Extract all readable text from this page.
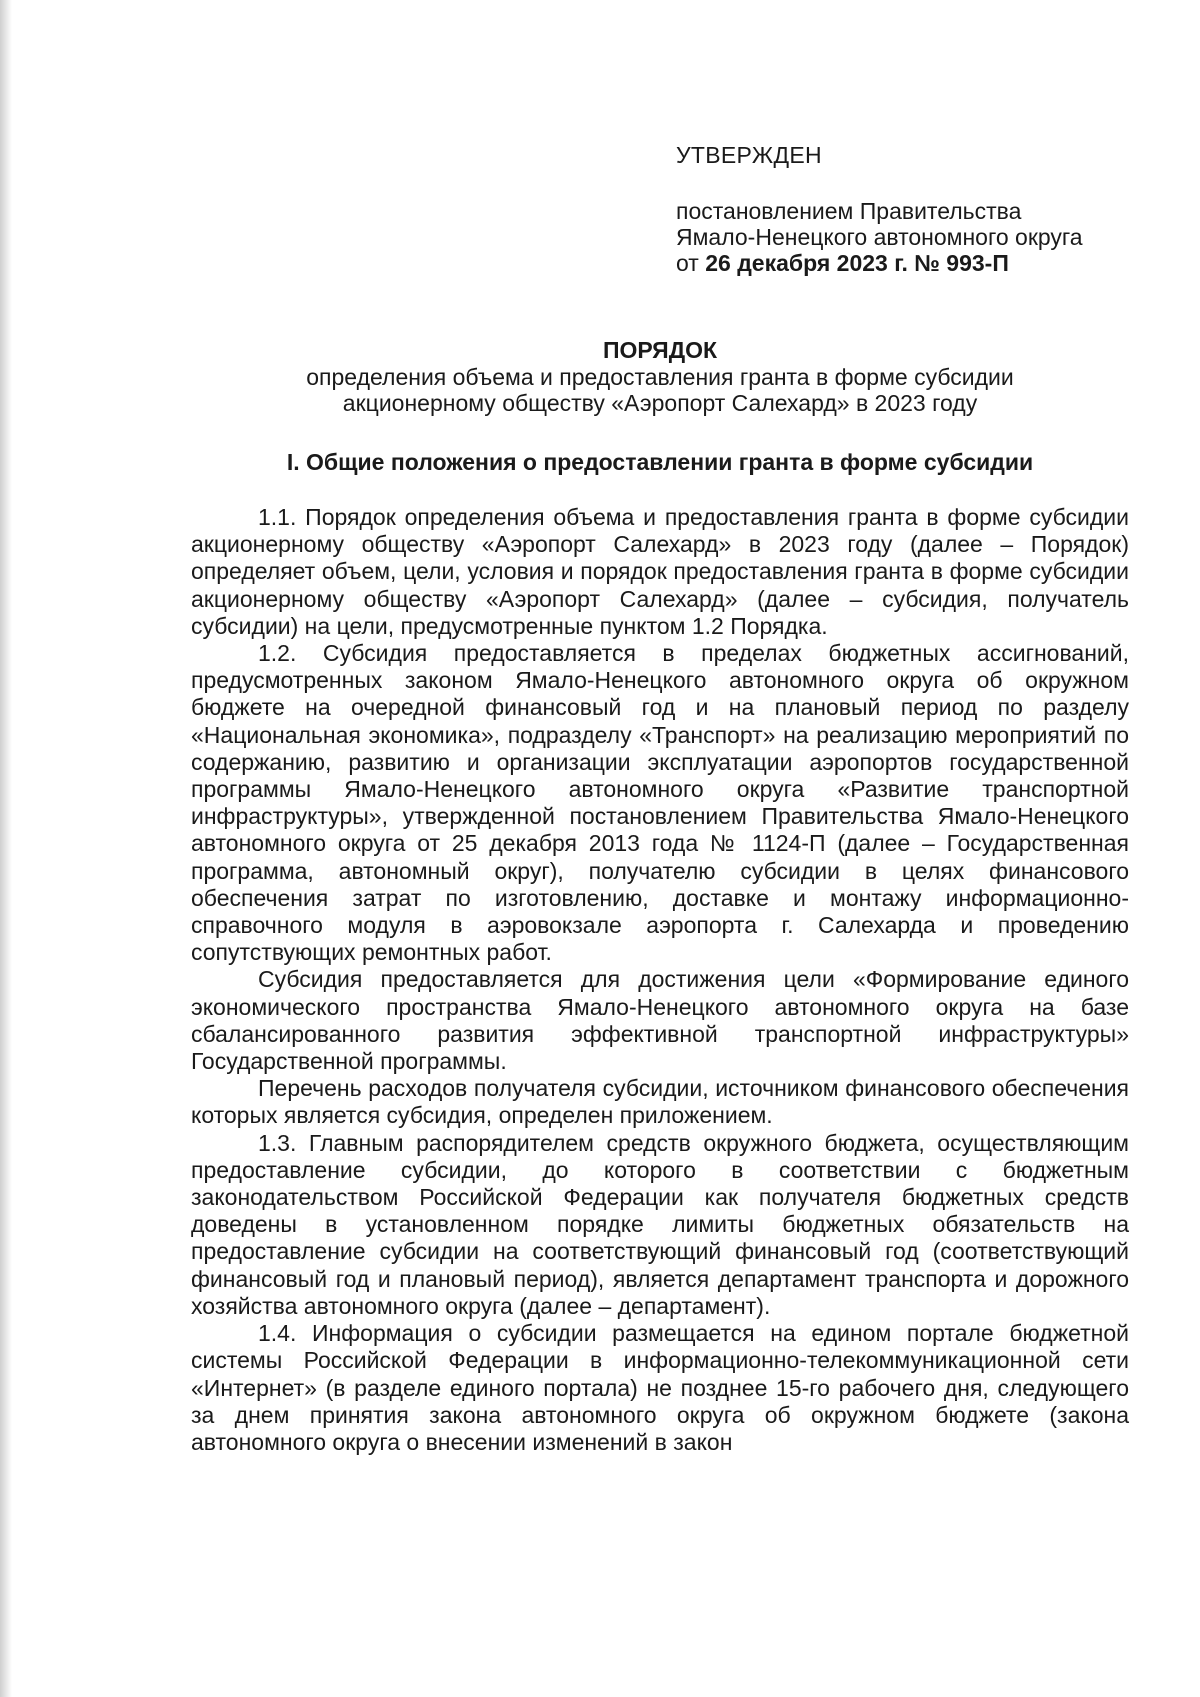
УТВЕРЖДЕН
постановлением Правительства
Ямало-Ненецкого автономного округа
от 26 декабря 2023 г. № 993-П
ПОРЯДОК
определения объема и предоставления гранта в форме субсидии
акционерному обществу «Аэропорт Салехард» в 2023 году
I. Общие положения о предоставлении гранта в форме субсидии

1.1. Порядок определения объема и предоставления гранта в форме субсидии акционерному обществу «Аэропорт Салехард» в 2023 году (далее – Порядок) определяет объем, цели, условия и порядок предоставления гранта в форме субсидии акционерному обществу «Аэропорт Салехард» (далее – субсидия, получатель субсидии) на цели, предусмотренные пунктом 1.2 Порядка.

1.2. Субсидия предоставляется в пределах бюджетных ассигнований, предусмотренных законом Ямало-Ненецкого автономного округа об окружном бюджете на очередной финансовый год и на плановый период по разделу «Национальная экономика», подразделу «Транспорт» на реализацию мероприятий по содержанию, развитию и организации эксплуатации аэропортов государственной программы Ямало-Ненецкого автономного округа «Развитие транспортной инфраструктуры», утвержденной постановлением Правительства Ямало-Ненецкого автономного округа от 25 декабря 2013 года № 1124-П (далее – Государственная программа, автономный округ), получателю субсидии в целях финансового обеспечения затрат по изготовлению, доставке и монтажу информационно-справочного модуля в аэровокзале аэропорта г. Салехарда и проведению сопутствующих ремонтных работ.

Субсидия предоставляется для достижения цели «Формирование единого экономического пространства Ямало-Ненецкого автономного округа на базе сбалансированного развития эффективной транспортной инфраструктуры» Государственной программы.

Перечень расходов получателя субсидии, источником финансового обеспечения которых является субсидия, определен приложением.

1.3. Главным распорядителем средств окружного бюджета, осуществляющим предоставление субсидии, до которого в соответствии с бюджетным законодательством Российской Федерации как получателя бюджетных средств доведены в установленном порядке лимиты бюджетных обязательств на предоставление субсидии на соответствующий финансовый год (соответствующий финансовый год и плановый период), является департамент транспорта и дорожного хозяйства автономного округа (далее – департамент).

1.4. Информация о субсидии размещается на едином портале бюджетной системы Российской Федерации в информационно-телекоммуникационной сети «Интернет» (в разделе единого портала) не позднее 15-го рабочего дня, следующего за днем принятия закона автономного округа об окружном бюджете (закона автономного округа о внесении изменений в закон
